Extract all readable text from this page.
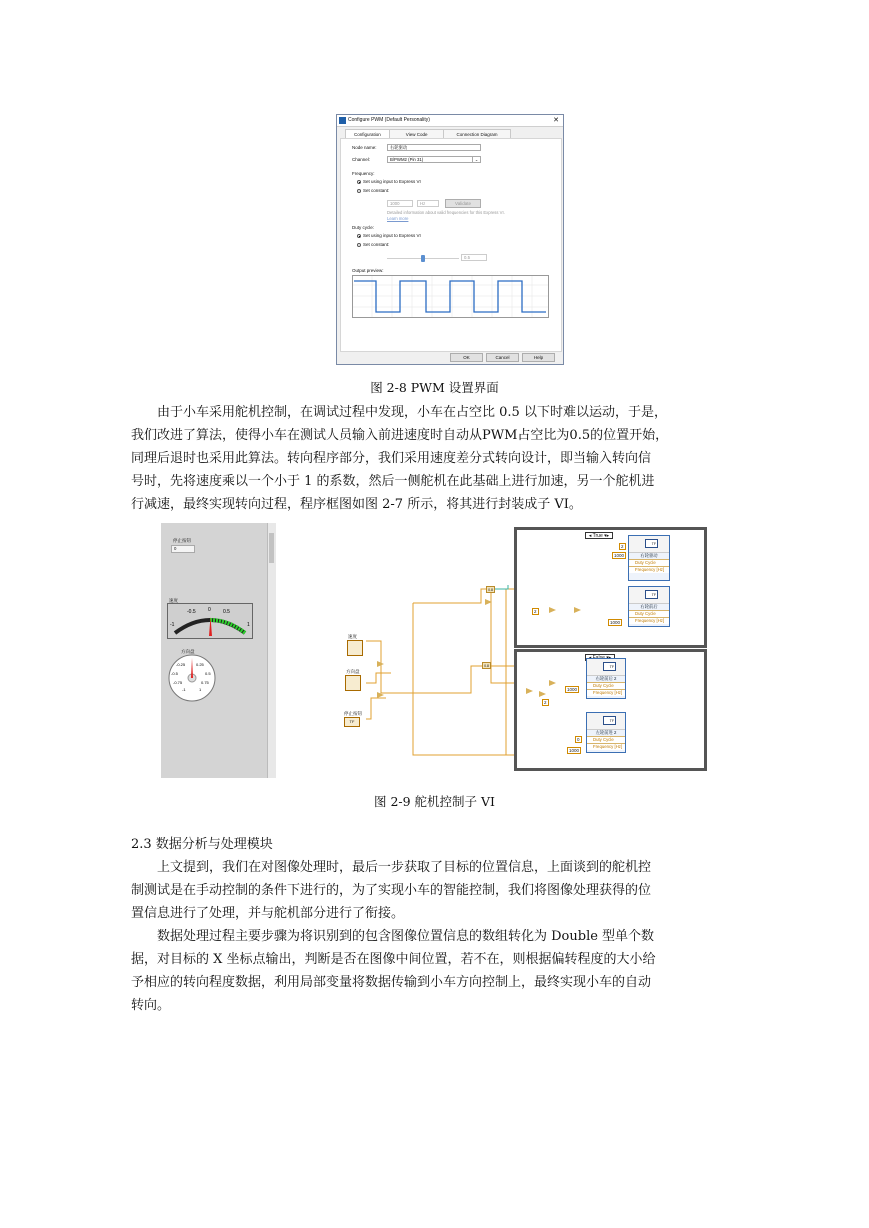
Configure PWM (Default Personality)	✕
Configuration	View Code	Connection Diagram
Node name:	右轮驱动
Channel:	B/PWM2 (Pin 31)	⌄
Frequency:
Set using input to Express VI
Set constant:
1000	Hz	Validate
Detailed information about valid frequencies for this Express VI.
Learn more
Duty cycle:
Set using input to Express VI
Set constant:
0.5
Output preview:
OK	Cancel	Help
图 2-8 PWM 设置界面
由于小车采用舵机控制，在调试过程中发现，小车在占空比 0.5 以下时难以运动，于是，
我们改进了算法，使得小车在测试人员输入前进速度时自动从PWM占空比为0.5的位置开始，
同理后退时也采用此算法。转向程序部分，我们采用速度差分式转向设计，即当输入转向信
号时，先将速度乘以一个小于 1 的系数，然后一侧舵机在此基础上进行加速，另一个舵机进
行减速，最终实现转向过程，程序框图如图 2-7 所示，将其进行封装成子 VI。
停止按钮
0
速度
-0.5 0 0.5
-1	1
方向盘
-0.25	0.25
-0.5	0.5
-0.75	0.75
-1	1
◂ True ▾▸
TF
右轮驱动
Duty Cycle
Frequency [Hz]
TF
右轮前后
Duty Cycle
Frequency [Hz]
TF
右轮前后 2
Duty Cycle
Frequency [Hz]
TF
左轮前进 2
Duty Cycle
Frequency [Hz]
2
1000
2
1000
1000
2
0
1000
0.8
0.8
速度
方向盘
停止按钮
TF
图 2-9 舵机控制子 VI
2.3 数据分析与处理模块
上文提到，我们在对图像处理时，最后一步获取了目标的位置信息，上面谈到的舵机控
制测试是在手动控制的条件下进行的，为了实现小车的智能控制，我们将图像处理获得的位
置信息进行了处理，并与舵机部分进行了衔接。
数据处理过程主要步骤为将识别到的包含图像位置信息的数组转化为 Double 型单个数
据，对目标的 X 坐标点输出，判断是否在图像中间位置，若不在，则根据偏转程度的大小给
予相应的转向程度数据，利用局部变量将数据传输到小车方向控制上，最终实现小车的自动
转向。
